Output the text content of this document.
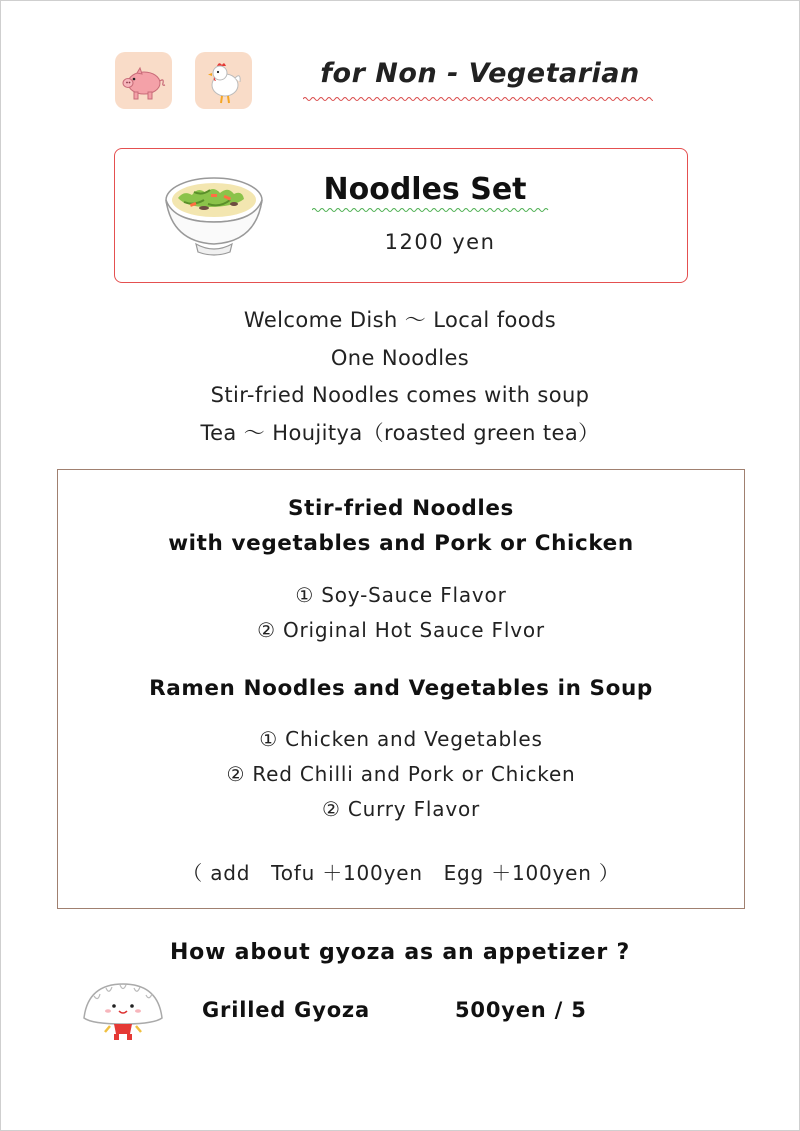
for Non - Vegetarian
Noodles Set
1200 yen
Welcome Dish 〜 Local foods
One Noodles
Stir-fried Noodles comes with soup
Tea 〜 Houjitya（roasted green tea）
Stir-fried Noodles
with vegetables and Pork or Chicken
① Soy-Sauce Flavor
② Original Hot Sauce Flvor
Ramen Noodles and Vegetables in Soup
① Chicken and Vegetables
② Red Chilli and Pork or Chicken
② Curry Flavor
（ add　Tofu ＋100yen　Egg ＋100yen ）
How about gyoza as an appetizer ?
Grilled Gyoza	500yen / 5
